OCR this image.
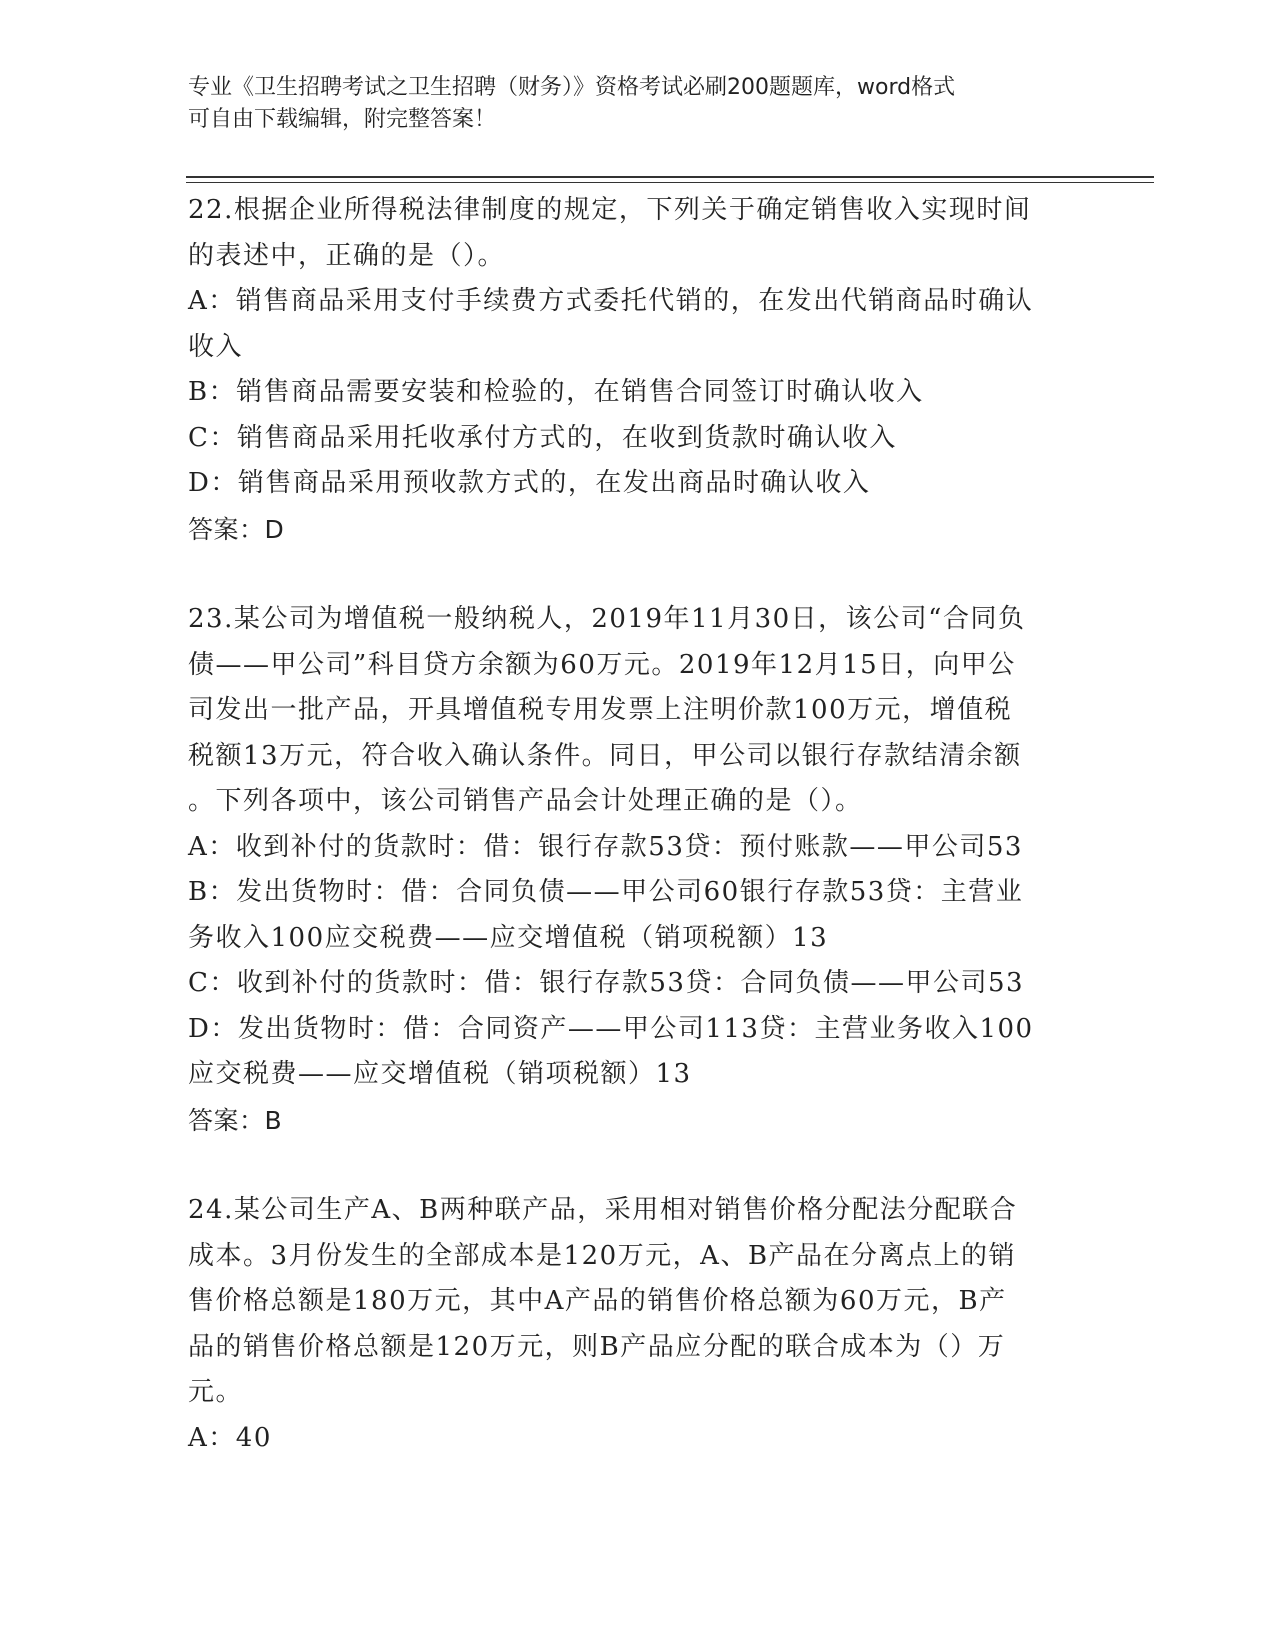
专业《卫生招聘考试之卫生招聘（财务）》资格考试必刷200题题库，word格式
可自由下载编辑，附完整答案！
22.根据企业所得税法律制度的规定，下列关于确定销售收入实现时间
的表述中，正确的是（）。
A：销售商品采用支付手续费方式委托代销的，在发出代销商品时确认
收入
B：销售商品需要安装和检验的，在销售合同签订时确认收入
C：销售商品采用托收承付方式的，在收到货款时确认收入
D：销售商品采用预收款方式的，在发出商品时确认收入
答案：D
23.某公司为增值税一般纳税人，2019年11月30日，该公司“合同负
债——甲公司”科目贷方余额为60万元。2019年12月15日，向甲公
司发出一批产品，开具增值税专用发票上注明价款100万元，增值税
税额13万元，符合收入确认条件。同日，甲公司以银行存款结清余额
。下列各项中，该公司销售产品会计处理正确的是（）。
A：收到补付的货款时：借：银行存款53贷：预付账款——甲公司53
B：发出货物时：借：合同负债——甲公司60银行存款53贷：主营业
务收入100应交税费——应交增值税（销项税额）13
C：收到补付的货款时：借：银行存款53贷：合同负债——甲公司53
D：发出货物时：借：合同资产——甲公司113贷：主营业务收入100
应交税费——应交增值税（销项税额）13
答案：B
24.某公司生产A、B两种联产品，采用相对销售价格分配法分配联合
成本。3月份发生的全部成本是120万元，A、B产品在分离点上的销
售价格总额是180万元，其中A产品的销售价格总额为60万元，B产
品的销售价格总额是120万元，则B产品应分配的联合成本为（）万
元。
A：40
